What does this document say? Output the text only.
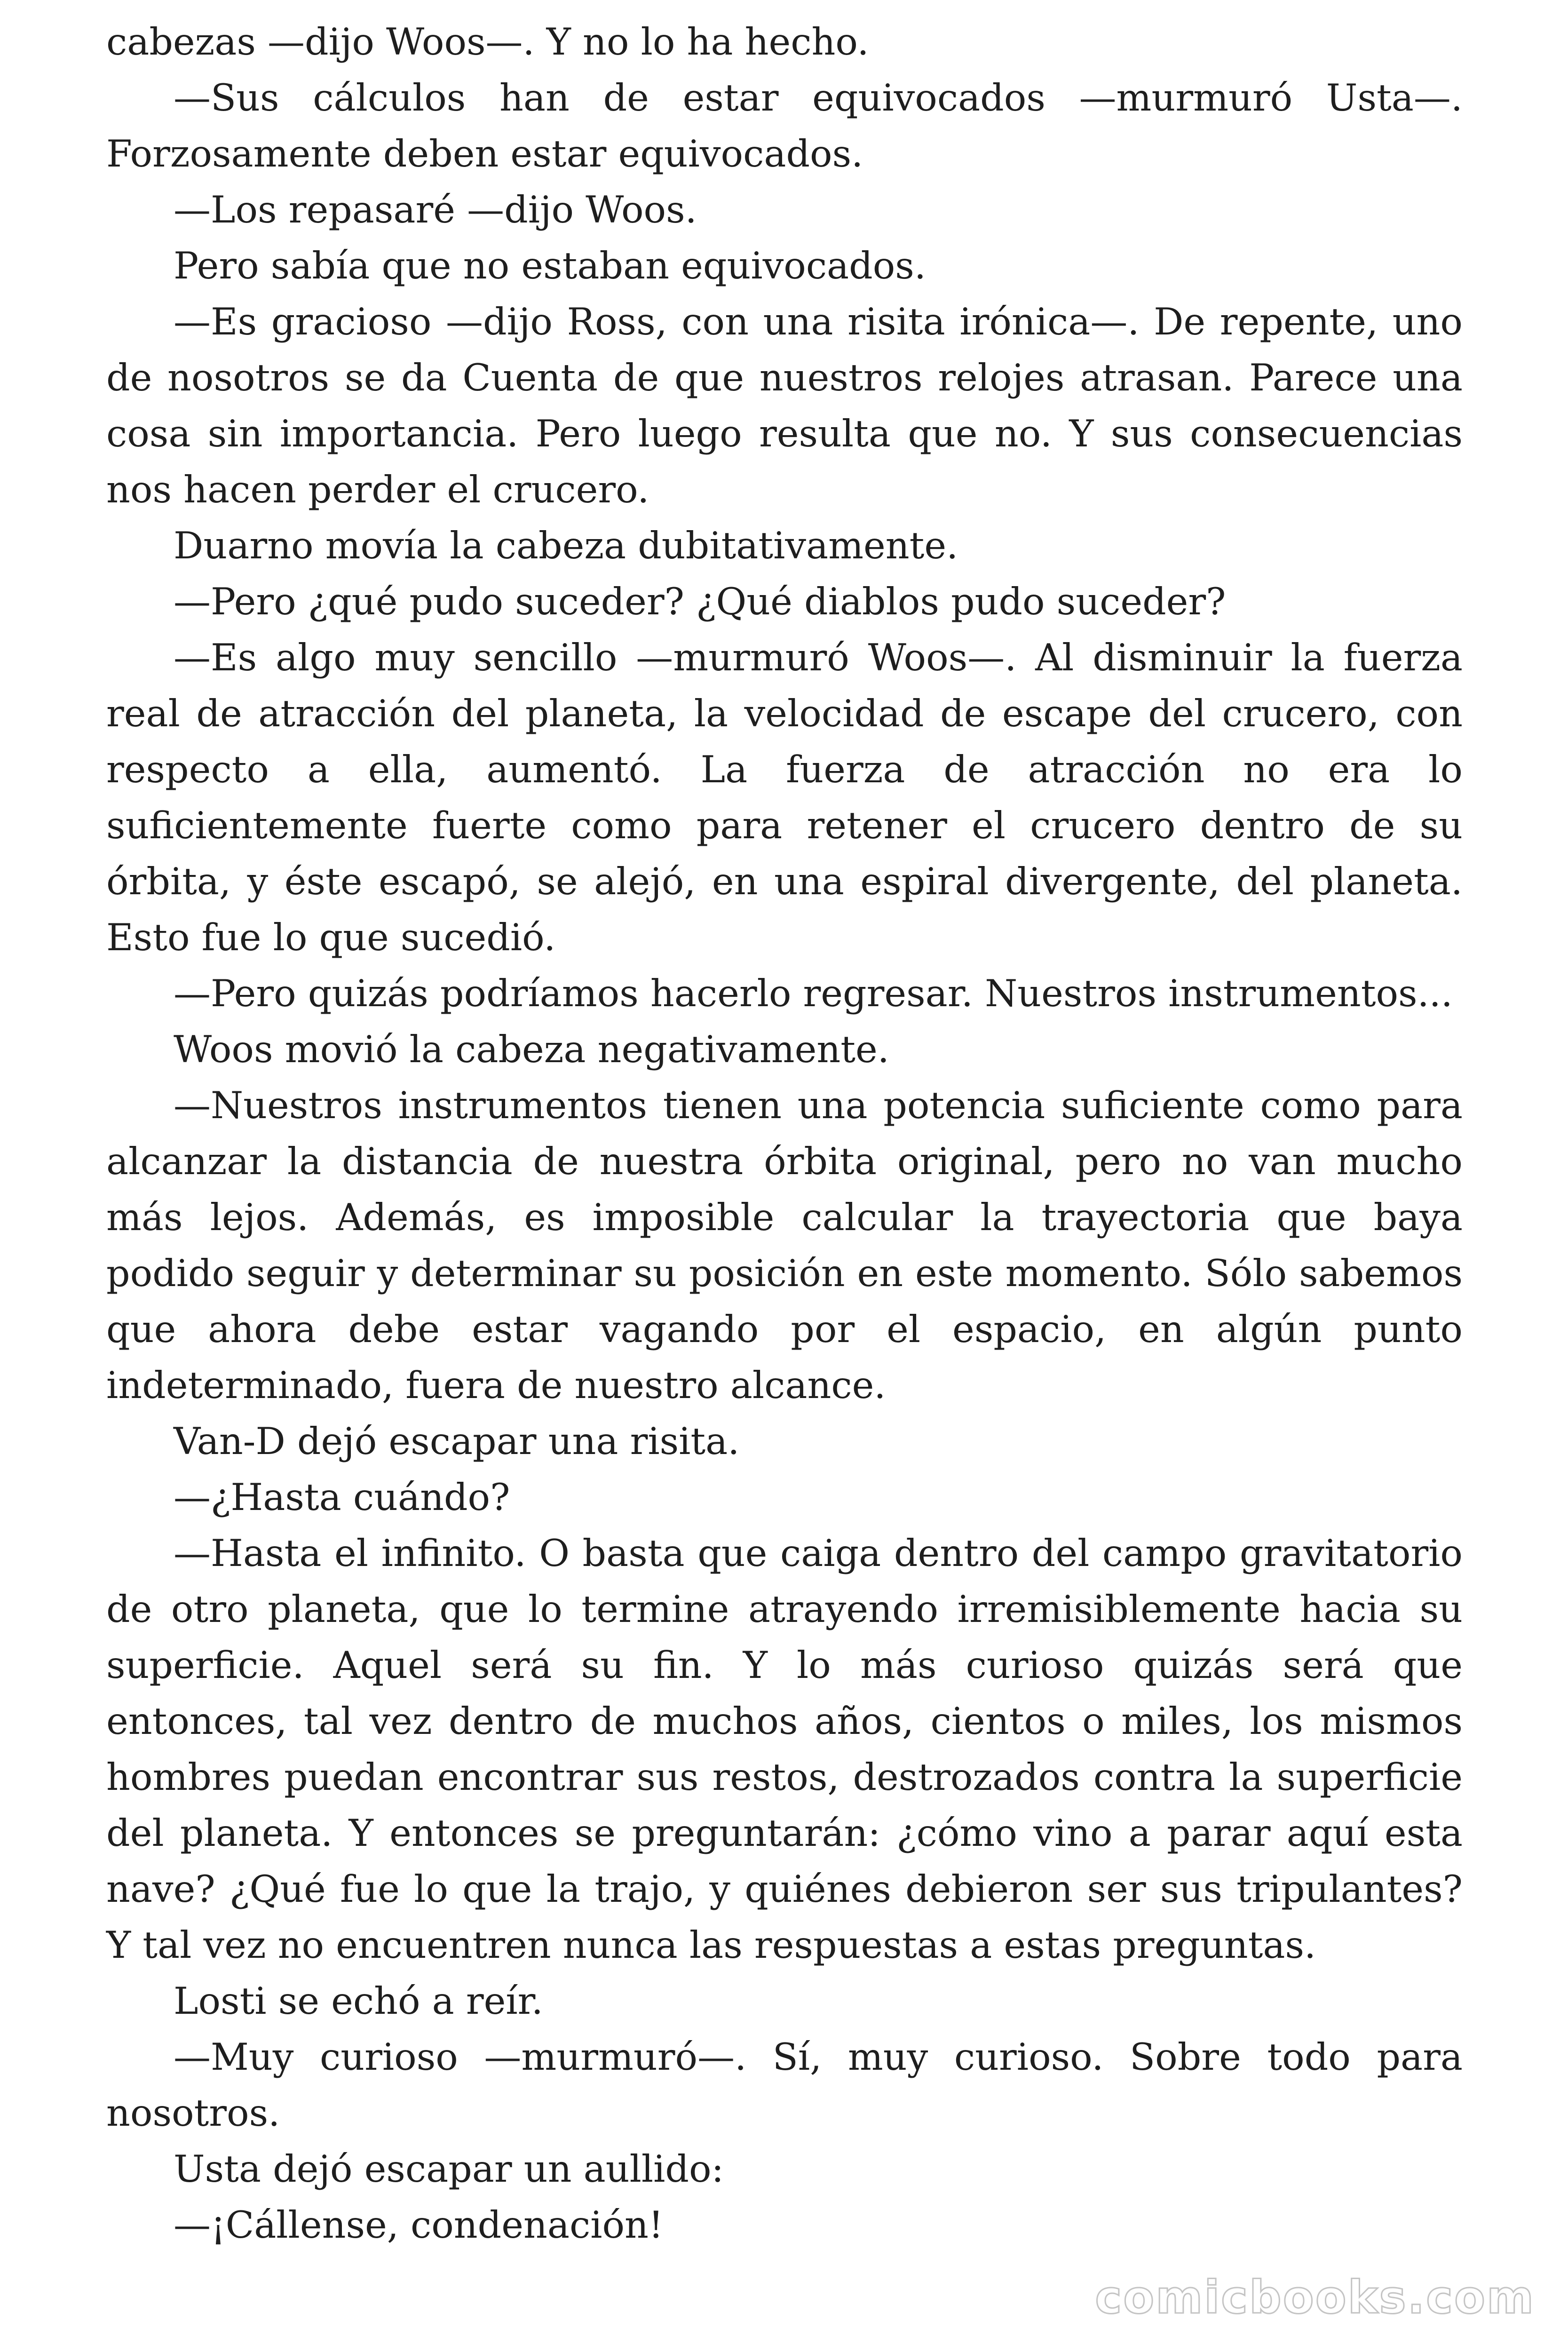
cabezas —dijo Woos—. Y no lo ha hecho.

—Sus cálculos han de estar equivocados —murmuró Usta—. Forzosamente deben estar equivocados.

—Los repasaré —dijo Woos.

Pero sabía que no estaban equivocados.

—Es gracioso —dijo Ross, con una risita irónica—. De repente, uno de nosotros se da Cuenta de que nuestros relojes atrasan. Parece una cosa sin importancia. Pero luego resulta que no. Y sus consecuencias nos hacen perder el crucero.

Duarno movía la cabeza dubitativamente.

—Pero ¿qué pudo suceder? ¿Qué diablos pudo suceder?

—Es algo muy sencillo —murmuró Woos—. Al disminuir la fuerza real de atracción del planeta, la velocidad de escape del crucero, con respecto a ella, aumentó. La fuerza de atracción no era lo suficientemente fuerte como para retener el crucero dentro de su órbita, y éste escapó, se alejó, en una espiral divergente, del planeta. Esto fue lo que sucedió.

—Pero quizás podríamos hacerlo regresar. Nuestros instrumentos...

Woos movió la cabeza negativamente.

—Nuestros instrumentos tienen una potencia suficiente como para alcanzar la distancia de nuestra órbita original, pero no van mucho más lejos. Además, es imposible calcular la trayectoria que baya podido seguir y determinar su posición en este momento. Sólo sabemos que ahora debe estar vagando por el espacio, en algún punto indeterminado, fuera de nuestro alcance.

Van-D dejó escapar una risita.

—¿Hasta cuándo?

—Hasta el infinito. O basta que caiga dentro del campo gravitatorio de otro planeta, que lo termine atrayendo irremisiblemente hacia su superficie. Aquel será su fin. Y lo más curioso quizás será que entonces, tal vez dentro de muchos años, cientos o miles, los mismos hombres puedan encontrar sus restos, destrozados contra la superficie del planeta. Y entonces se preguntarán: ¿cómo vino a parar aquí esta nave? ¿Qué fue lo que la trajo, y quiénes debieron ser sus tripulantes? Y tal vez no encuentren nunca las respuestas a estas preguntas.

Losti se echó a reír.

—Muy curioso —murmuró—. Sí, muy curioso. Sobre todo para nosotros.

Usta dejó escapar un aullido:

—¡Cállense, condenación!

comicbooks.com
